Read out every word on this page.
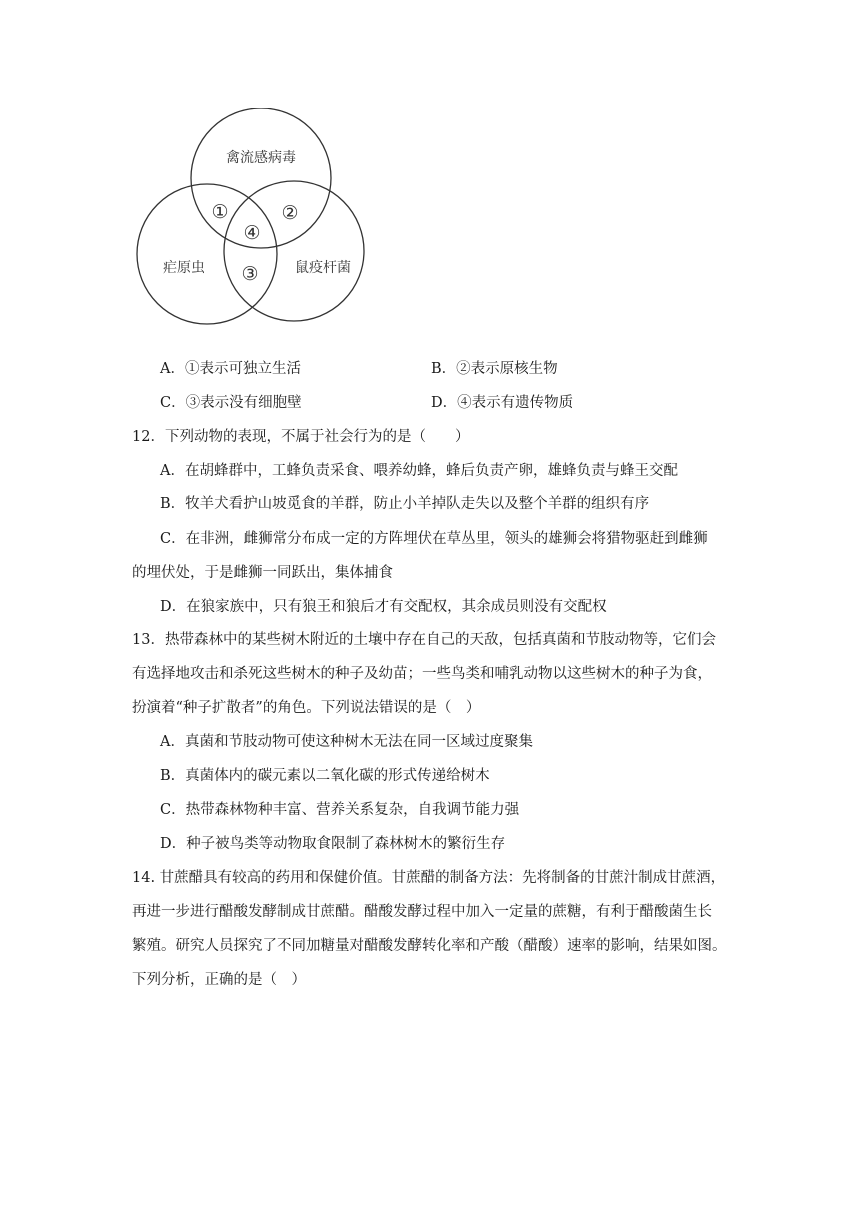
禽流感病毒
疟原虫	鼠疫杆菌
①	②
④
③
A．①表示可独立生活	B．②表示原核生物
C．③表示没有细胞壁	D．④表示有遗传物质
12．下列动物的表现，不属于社会行为的是（　　）
A．在胡蜂群中，工蜂负责采食、喂养幼蜂，蜂后负责产卵，雄蜂负责与蜂王交配
B．牧羊犬看护山坡觅食的羊群，防止小羊掉队走失以及整个羊群的组织有序
C．在非洲，雌狮常分布成一定的方阵埋伏在草丛里，领头的雄狮会将猎物驱赶到雌狮
的埋伏处，于是雌狮一同跃出，集体捕食
D．在狼家族中，只有狼王和狼后才有交配权，其余成员则没有交配权
13．热带森林中的某些树木附近的土壤中存在自己的天敌，包括真菌和节肢动物等，它们会
有选择地攻击和杀死这些树木的种子及幼苗；一些鸟类和哺乳动物以这些树木的种子为食，
扮演着“种子扩散者”的角色。下列说法错误的是（　）
A．真菌和节肢动物可使这种树木无法在同一区域过度聚集
B．真菌体内的碳元素以二氧化碳的形式传递给树木
C．热带森林物种丰富、营养关系复杂，自我调节能力强
D．种子被鸟类等动物取食限制了森林树木的繁衍生存
14. 甘蔗醋具有较高的药用和保健价值。甘蔗醋的制备方法：先将制备的甘蔗汁制成甘蔗酒，
再进一步进行醋酸发酵制成甘蔗醋。醋酸发酵过程中加入一定量的蔗糖，有利于醋酸菌生长
繁殖。研究人员探究了不同加糖量对醋酸发酵转化率和产酸（醋酸）速率的影响，结果如图。
下列分析，正确的是（　）
